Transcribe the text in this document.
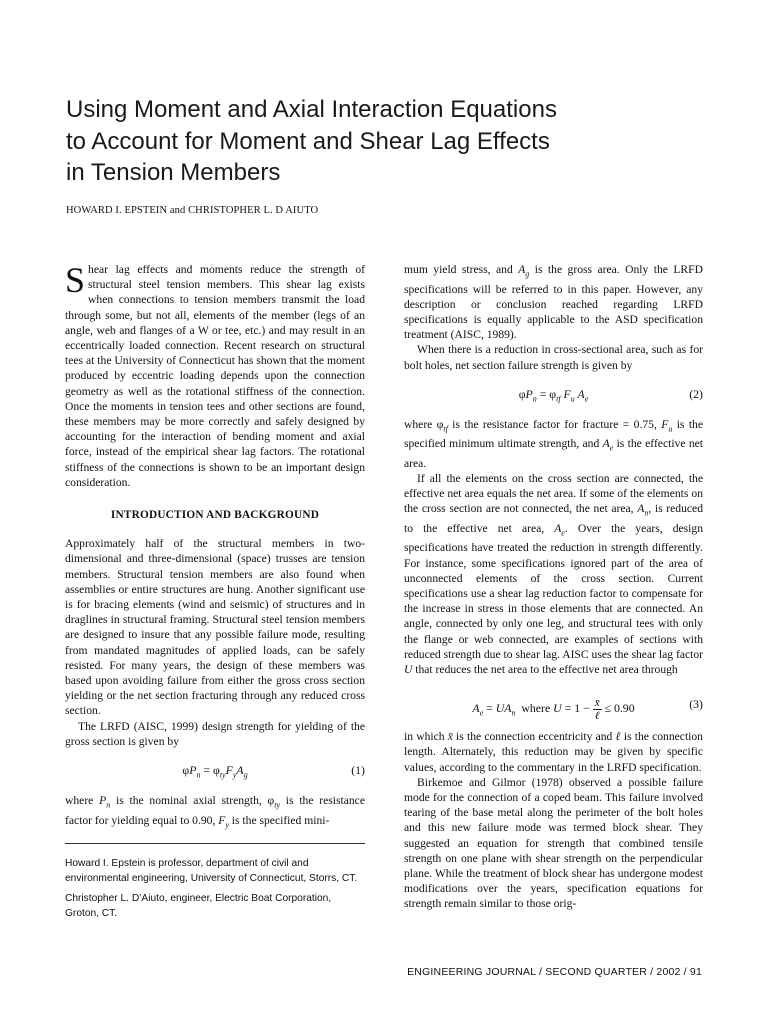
Using Moment and Axial Interaction Equations
to Account for Moment and Shear Lag Effects
in Tension Members
HOWARD I. EPSTEIN and CHRISTOPHER L. D AIUTO

Shear lag effects and moments reduce the strength of structural steel tension members. This shear lag exists when connections to tension members transmit the load through some, but not all, elements of the member (legs of an angle, web and flanges of a W or tee, etc.) and may result in an eccentrically loaded connection. Recent research on structural tees at the University of Connecticut has shown that the moment produced by eccentric loading depends upon the connection geometry as well as the rotational stiffness of the connection. Once the moments in tension tees and other sections are found, these members may be more correctly and safely designed by accounting for the interaction of bending moment and axial force, instead of the empirical shear lag factors. The rotational stiffness of the connections is shown to be an important design consideration.

INTRODUCTION AND BACKGROUND

Approximately half of the structural members in two-dimensional and three-dimensional (space) trusses are tension members. Structural tension members are also found when assemblies or entire structures are hung. Another significant use is for bracing elements (wind and seismic) of structures and in draglines in structural framing. Structural steel tension members are designed to insure that any possible failure mode, resulting from mandated magnitudes of applied loads, can be safely resisted. For many years, the design of these members was based upon avoiding failure from either the gross cross section yielding or the net section fracturing through any reduced cross section.

The LRFD (AISC, 1999) design strength for yielding of the gross section is given by

$\varphi P_n = \varphi_{ty}F_yA_g$	(1)

where $P_n$ is the nominal axial strength, $\varphi_{ty}$ is the resistance factor for yielding equal to 0.90, $F_y$ is the specified mini-

Howard I. Epstein is professor, department of civil and environmental engineering, University of Connecticut, Storrs, CT.

Christopher L. D’Aiuto, engineer, Electric Boat Corporation, Groton, CT.

mum yield stress, and $A_g$ is the gross area. Only the LRFD specifications will be referred to in this paper. However, any description or conclusion reached regarding LRFD specifications is equally applicable to the ASD specification treatment (AISC, 1989).

When there is a reduction in cross-sectional area, such as for bolt holes, net section failure strength is given by

$\varphi P_n = \varphi_{tf}$ $F_u$ $A_e$	(2)

where $\varphi_{tf}$ is the resistance factor for fracture = 0.75, $F_u$ is the specified minimum ultimate strength, and $A_e$ is the effective net area.

If all the elements on the cross section are connected, the effective net area equals the net area. If some of the elements on the cross section are not connected, the net area, $A_n$, is reduced to the effective net area, $A_e$. Over the years, design specifications have treated the reduction in strength differently. For instance, some specifications ignored part of the area of unconnected elements of the cross section. Current specifications use a shear lag reduction factor to compensate for the increase in stress in those elements that are connected. An angle, connected by only one leg, and structural tees with only the flange or web connected, are examples of sections with reduced strength due to shear lag. AISC uses the shear lag factor U that reduces the net area to the effective net area through

$A_e = UA_n$ where $U = 1 - \frac{x̄}{\text{ℓ}} \le 0.90$	(3)

in which x̄ is the connection eccentricity and ℓ is the connection length. Alternately, this reduction may be given by specific values, according to the commentary in the LRFD specification.

Birkemoe and Gilmor (1978) observed a possible failure mode for the connection of a coped beam. This failure involved tearing of the base metal along the perimeter of the bolt holes and this new failure mode was termed block shear. They suggested an equation for strength that combined tensile strength on one plane with shear strength on the perpendicular plane. While the treatment of block shear has undergone modest modifications over the years, specification equations for strength remain similar to those orig-

ENGINEERING JOURNAL / SECOND QUARTER / 2002 / 91
